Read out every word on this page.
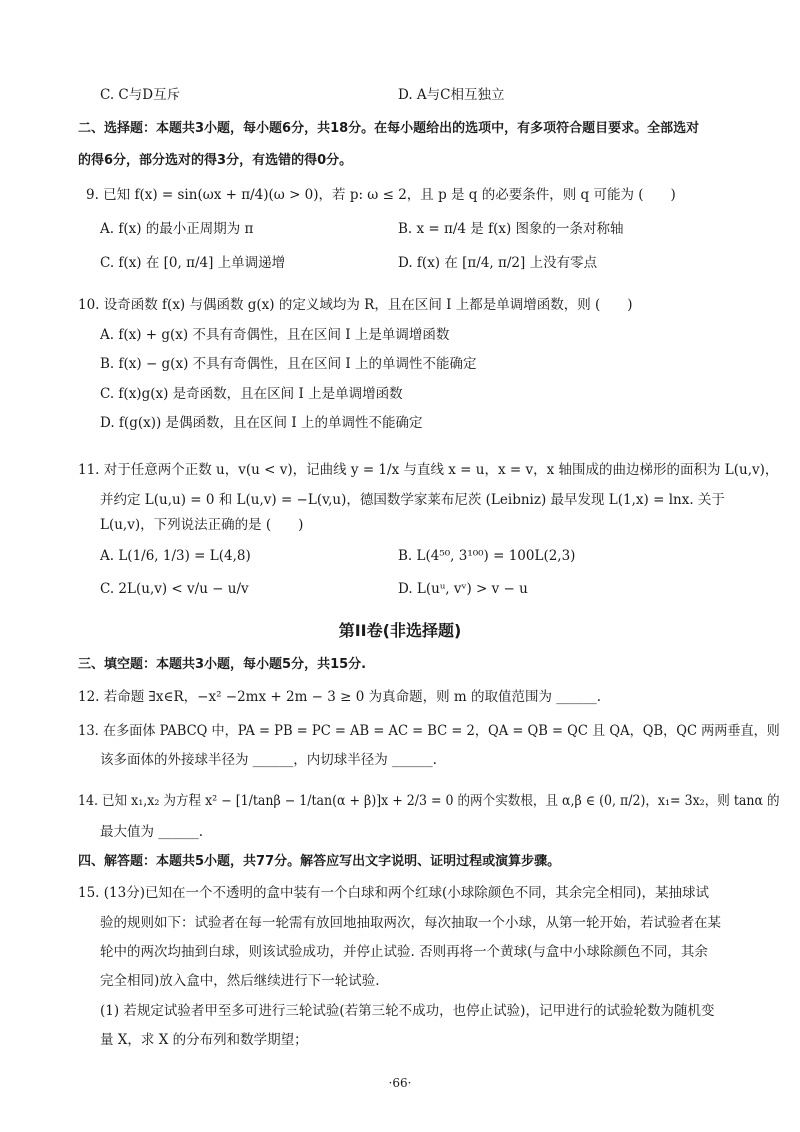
C. C与D互斥	D. A与C相互独立
二、选择题：本题共3小题，每小题6分，共18分。在每小题给出的选项中，有多项符合题目要求。全部选对
的得6分，部分选对的得3分，有选错的得0分。
9. 已知 f(x) = sin(ωx + π/4)(ω > 0)，若 p: ω ≤ 2，且 p 是 q 的必要条件，则 q 可能为 (　　)
A. f(x) 的最小正周期为 π	B. x = π/4 是 f(x) 图象的一条对称轴
C. f(x) 在 [0, π/4] 上单调递增	D. f(x) 在 [π/4, π/2] 上没有零点
10. 设奇函数 f(x) 与偶函数 g(x) 的定义域均为 R，且在区间 I 上都是单调增函数，则 (　　)
A. f(x) + g(x) 不具有奇偶性，且在区间 I 上是单调增函数
B. f(x) − g(x) 不具有奇偶性，且在区间 I 上的单调性不能确定
C. f(x)g(x) 是奇函数，且在区间 I 上是单调增函数
D. f(g(x)) 是偶函数，且在区间 I 上的单调性不能确定
11. 对于任意两个正数 u，v(u < v)，记曲线 y = 1/x 与直线 x = u，x = v，x 轴围成的曲边梯形的面积为 L(u,v)，
并约定 L(u,u) = 0 和 L(u,v) = −L(v,u)，德国数学家莱布尼茨 (Leibniz) 最早发现 L(1,x) = lnx. 关于
L(u,v)，下列说法正确的是 (　　)
A. L(1/6, 1/3) = L(4,8)	B. L(4⁵⁰, 3¹⁰⁰) = 100L(2,3)
C. 2L(u,v) < v/u − u/v	D. L(uᵘ, vᵛ) > v − u
第II卷(非选择题)
三、填空题：本题共3小题，每小题5分，共15分.
12. 若命题 ∃x∈R，−x² −2mx + 2m − 3 ≥ 0 为真命题，则 m 的取值范围为 ______.
13. 在多面体 PABCQ 中，PA = PB = PC = AB = AC = BC = 2，QA = QB = QC 且 QA，QB，QC 两两垂直，则
该多面体的外接球半径为 ______，内切球半径为 ______.
14. 已知 x₁,x₂ 为方程 x² − [1/tanβ − 1/tan(α + β)]x + 2/3 = 0 的两个实数根，且 α,β ∈ (0, π/2)，x₁= 3x₂，则 tanα 的
最大值为 ______.
四、解答题：本题共5小题，共77分。解答应写出文字说明、证明过程或演算步骤。
15. (13分)已知在一个不透明的盒中装有一个白球和两个红球(小球除颜色不同，其余完全相同)，某抽球试
验的规则如下：试验者在每一轮需有放回地抽取两次，每次抽取一个小球，从第一轮开始，若试验者在某
轮中的两次均抽到白球，则该试验成功，并停止试验. 否则再将一个黄球(与盒中小球除颜色不同，其余
完全相同)放入盒中，然后继续进行下一轮试验.
(1) 若规定试验者甲至多可进行三轮试验(若第三轮不成功，也停止试验)，记甲进行的试验轮数为随机变
量 X，求 X 的分布列和数学期望；
·66·
